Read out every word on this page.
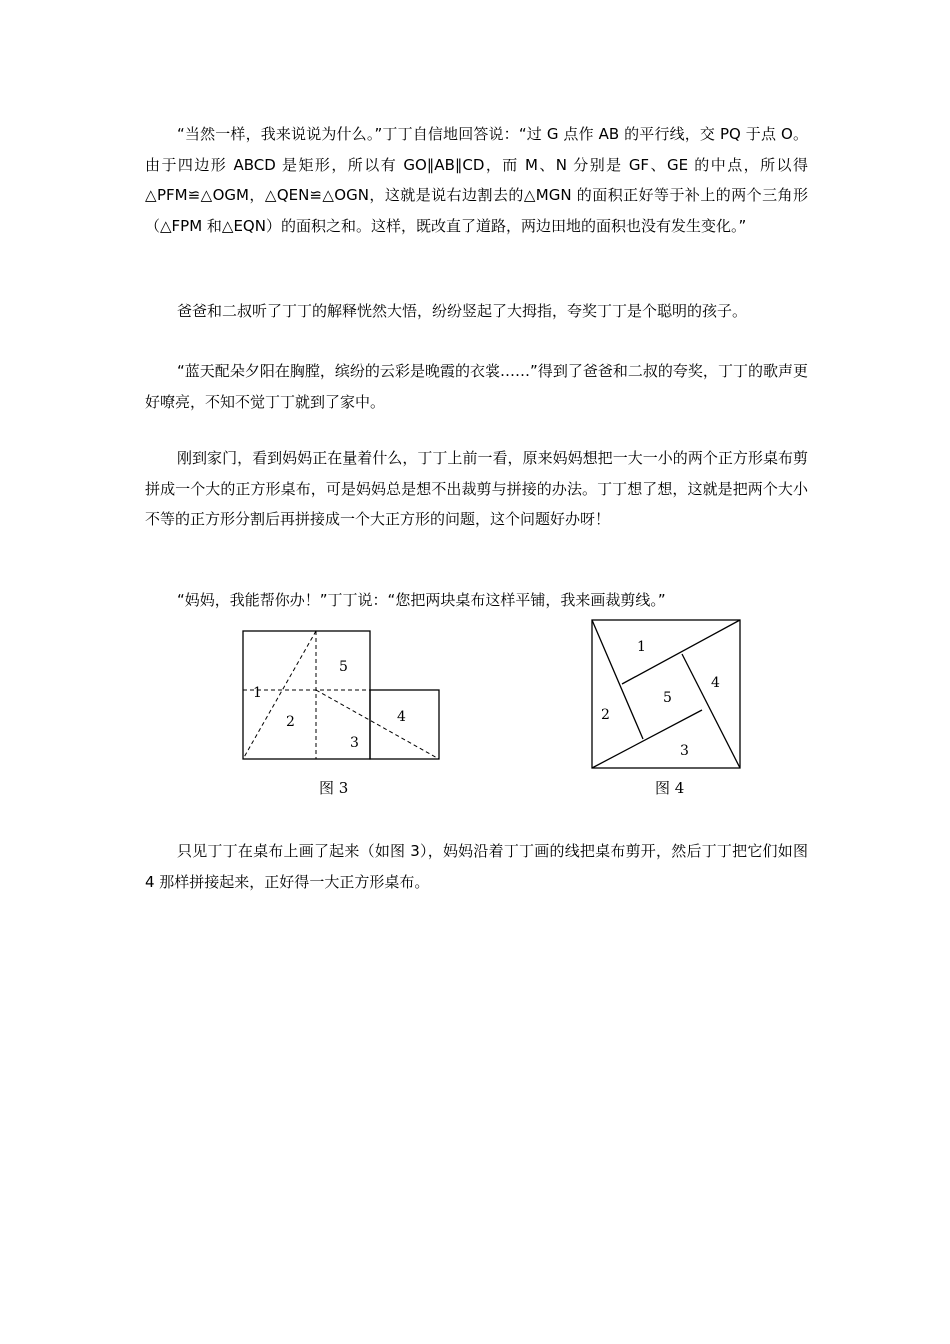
“当然一样，我来说说为什么。”丁丁自信地回答说：“过 G 点作 AB 的平行线，交 PQ 于点 O。由于四边形 ABCD 是矩形，所以有 GO∥AB∥CD，而 M、N 分别是 GF、GE 的中点，所以得△PFM≌△OGM，△QEN≌△OGN，这就是说右边割去的△MGN 的面积正好等于补上的两个三角形（△FPM 和△EQN）的面积之和。这样，既改直了道路，两边田地的面积也没有发生变化。”

爸爸和二叔听了丁丁的解释恍然大悟，纷纷竖起了大拇指，夸奖丁丁是个聪明的孩子。

“蓝天配朵夕阳在胸膛，缤纷的云彩是晚霞的衣裳……”得到了爸爸和二叔的夸奖，丁丁的歌声更好嘹亮，不知不觉丁丁就到了家中。

刚到家门，看到妈妈正在量着什么，丁丁上前一看，原来妈妈想把一大一小的两个正方形桌布剪拼成一个大的正方形桌布，可是妈妈总是想不出裁剪与拼接的办法。丁丁想了想，这就是把两个大小不等的正方形分割后再拼接成一个大正方形的问题，这个问题好办呀！

“妈妈，我能帮你办！”丁丁说：“您把两块桌布这样平铺，我来画裁剪线。”

1
2
3
4
5
图 3
1
2
3
4
5
图 4

只见丁丁在桌布上画了起来（如图 3），妈妈沿着丁丁画的线把桌布剪开，然后丁丁把它们如图 4 那样拼接起来，正好得一大正方形桌布。
